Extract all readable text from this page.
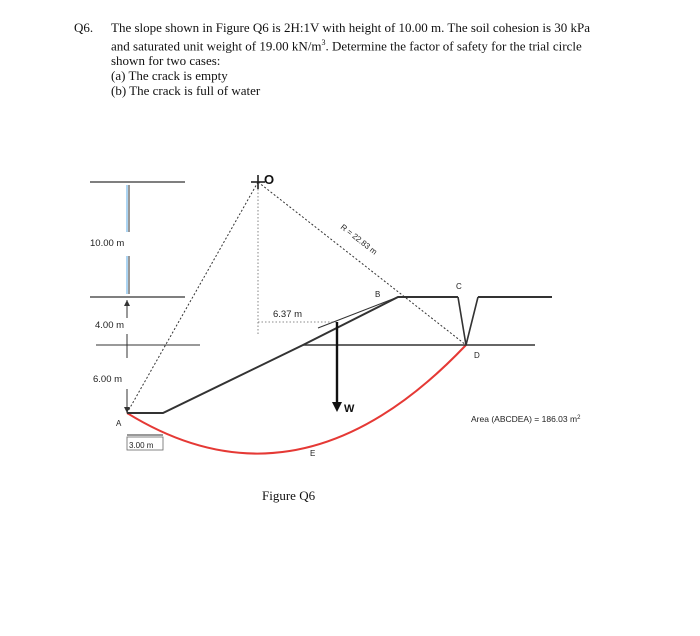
Q6. The slope shown in Figure Q6 is 2H:1V with height of 10.00 m. The soil cohesion is 30 kPa
and saturated unit weight of 19.00 $kN/m^3$. Determine the factor of safety for the trial circle
shown for two cases:
(a) The crack is empty
(b) The crack is full of water
O
R = 22.83 m
10.00 m
4.00 m
6.00 m
6.37 m
3.00 m
W
A
B
C
D
E
Area (ABCDEA) = 186.03 $m^2$
Figure Q6
